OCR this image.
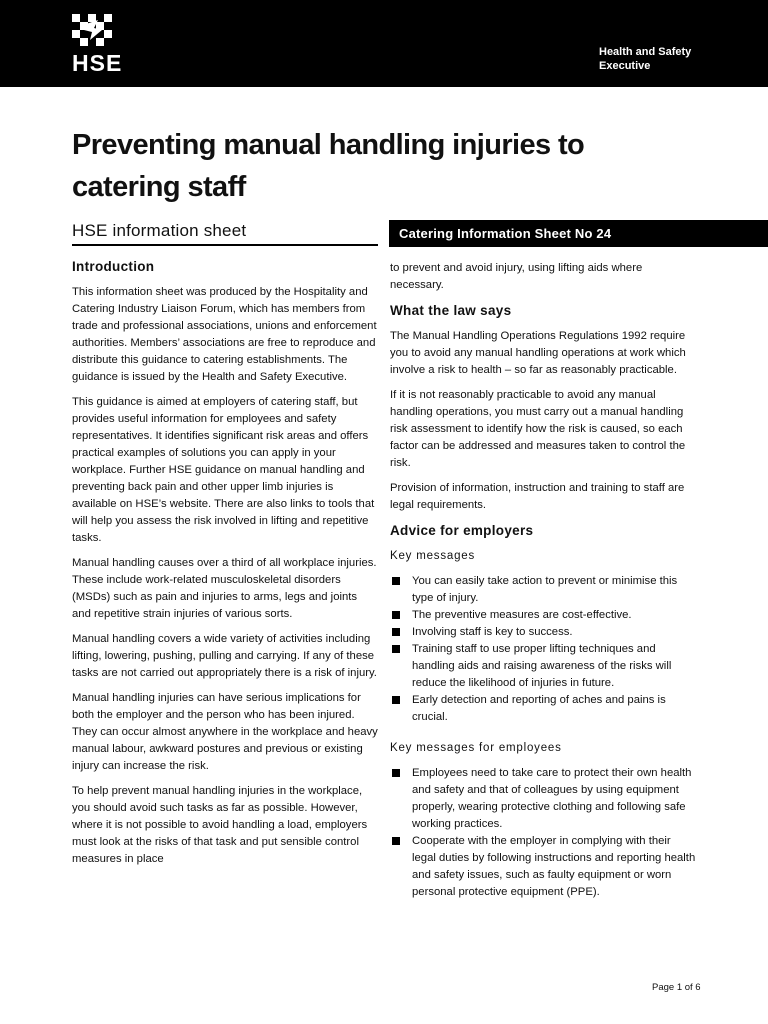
HSE	Health and Safety
Executive
Preventing manual handling injuries to
catering staff
HSE information sheet	Catering Information Sheet No 24
Introduction

This information sheet was produced by the Hospitality and Catering Industry Liaison Forum, which has members from trade and professional associations, unions and enforcement authorities. Members’ associations are free to reproduce and distribute this guidance to catering establishments. The guidance is issued by the Health and Safety Executive.

This guidance is aimed at employers of catering staff, but provides useful information for employees and safety representatives. It identifies significant risk areas and offers practical examples of solutions you can apply in your workplace. Further HSE guidance on manual handling and preventing back pain and other upper limb injuries is available on HSE’s website. There are also links to tools that will help you assess the risk involved in lifting and repetitive tasks.

Manual handling causes over a third of all workplace injuries. These include work-related musculoskeletal disorders (MSDs) such as pain and injuries to arms, legs and joints and repetitive strain injuries of various sorts.

Manual handling covers a wide variety of activities including lifting, lowering, pushing, pulling and carrying. If any of these tasks are not carried out appropriately there is a risk of injury.

Manual handling injuries can have serious implications for both the employer and the person who has been injured. They can occur almost anywhere in the workplace and heavy manual labour, awkward postures and previous or existing injury can increase the risk.

To help prevent manual handling injuries in the workplace, you should avoid such tasks as far as possible. However, where it is not possible to avoid handling a load, employers must look at the risks of that task and put sensible control measures in place

to prevent and avoid injury, using lifting aids where necessary.

What the law says

The Manual Handling Operations Regulations 1992 require you to avoid any manual handling operations at work which involve a risk to health – so far as reasonably practicable.

If it is not reasonably practicable to avoid any manual handling operations, you must carry out a manual handling risk assessment to identify how the risk is caused, so each factor can be addressed and measures taken to control the risk.

Provision of information, instruction and training to staff are legal requirements.

Advice for employers
Key messages
You can easily take action to prevent or minimise this type of injury.
The preventive measures are cost-effective.
Involving staff is key to success.
Training staff to use proper lifting techniques and handling aids and raising awareness of the risks will reduce the likelihood of injuries in future.
Early detection and reporting of aches and pains is crucial.
Key messages for employees
Employees need to take care to protect their own health and safety and that of colleagues by using equipment properly, wearing protective clothing and following safe working practices.
Cooperate with the employer in complying with their legal duties by following instructions and reporting health and safety issues, such as faulty equipment or worn personal protective equipment (PPE).
Page 1 of 6
